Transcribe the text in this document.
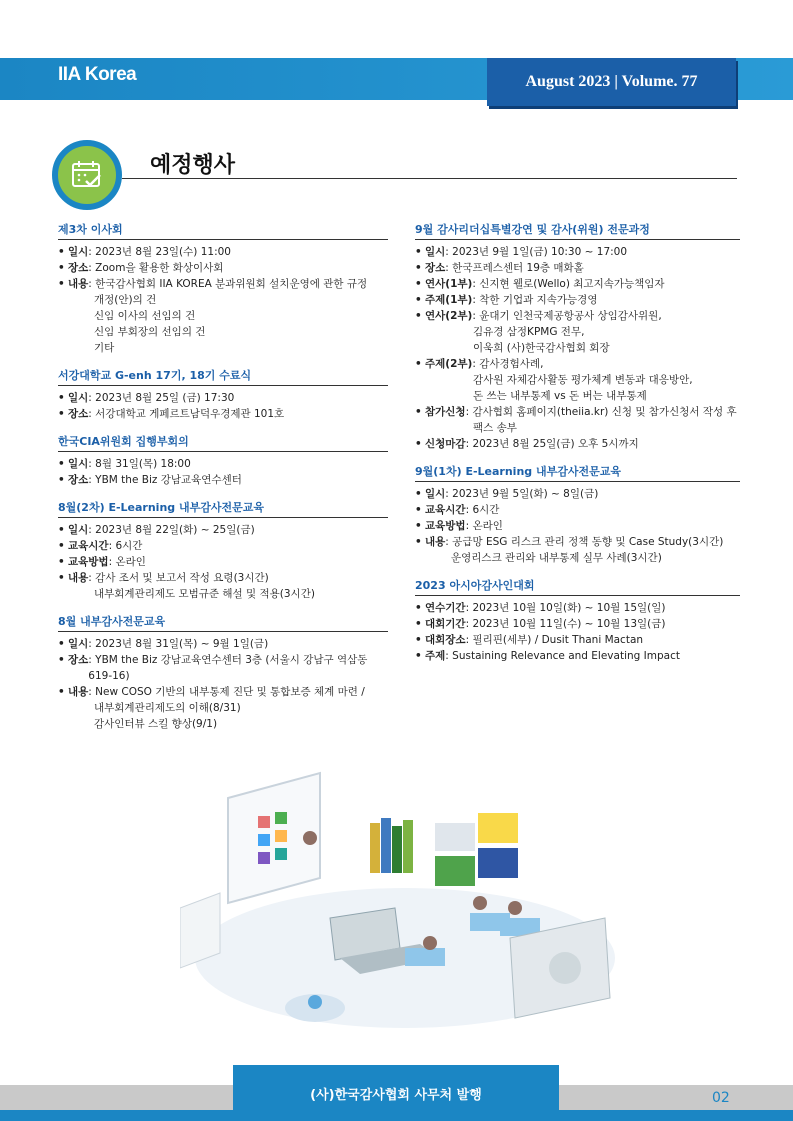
IIA Korea	August 2023 | Volume. 77
예정행사
제3차 이사회
• 일시 : 2023년 8월 23일(수) 11:00
• 장소 : Zoom을 활용한 화상이사회
• 내용 : 한국감사협회 IIA KOREA 분과위원회 설치운영에 관한 규정
개정(안)의 건
신임 이사의 선임의 건
신임 부회장의 선임의 건
기타
서강대학교 G-enh 17기, 18기 수료식
• 일시 : 2023년 8월 25일 (금) 17:30
• 장소 : 서강대학교 게페르트남덕우경제관 101호
한국CIA위원회 집행부회의
• 일시 : 8월 31일(목) 18:00
• 장소 : YBM the Biz 강남교육연수센터
8월(2차) E-Learning 내부감사전문교육
• 일시 : 2023년 8월 22일(화) ~ 25일(금)
• 교육시간 : 6시간
• 교육방법 : 온라인
• 내용 : 감사 조서 및 보고서 작성 요령(3시간)
내부회계관리제도 모범규준 해설 및 적용(3시간)
8월 내부감사전문교육
• 일시 : 2023년 8월 31일(목) ~ 9월 1일(금)
• 장소 : YBM the Biz 강남교육연수센터 3층 (서울시 강남구 역삼동 619-16)
• 내용 : New COSO 기반의 내부통제 진단 및 통합보증 체계 마련 /
내부회계관리제도의 이해(8/31)
감사인터뷰 스킬 향상(9/1)
9월 감사리더십특별강연 및 감사(위원) 전문과정
• 일시 : 2023년 9월 1일(금) 10:30 ~ 17:00
• 장소 : 한국프레스센터 19층 매화홀
• 연사(1부) : 신지현 웰로(Wello) 최고지속가능책임자
• 주제(1부) : 착한 기업과 지속가능경영
• 연사(2부) : 윤대기 인천국제공항공사 상임감사위원,
김유경 삼정KPMG 전무,
이욱희 (사)한국감사협회 회장
• 주제(2부) : 감사경험사례,
감사원 자체감사활동 평가체계 변동과 대응방안,
돈 쓰는 내부통제 vs 돈 버는 내부통제
• 참가신청 : 감사협회 홈페이지(theiia.kr) 신청 및 참가신청서 작성 후
팩스 송부
• 신청마감 : 2023년 8월 25일(금) 오후 5시까지
9월(1차) E-Learning 내부감사전문교육
• 일시 : 2023년 9월 5일(화) ~ 8일(금)
• 교육시간 : 6시간
• 교육방법 : 온라인
• 내용 : 공급망 ESG 리스크 관리 정책 동향 및 Case Study(3시간)
운영리스크 관리와 내부통제 실무 사례(3시간)
2023 아시아감사인대회
• 연수기간 : 2023년 10월 10일(화) ~ 10월 15일(일)
• 대회기간 : 2023년 10월 11일(수) ~ 10월 13일(금)
• 대회장소 : 필리핀(세부) / Dusit Thani Mactan
• 주제 : Sustaining Relevance and Elevating Impact
(사)한국감사협회 사무처 발행	02
